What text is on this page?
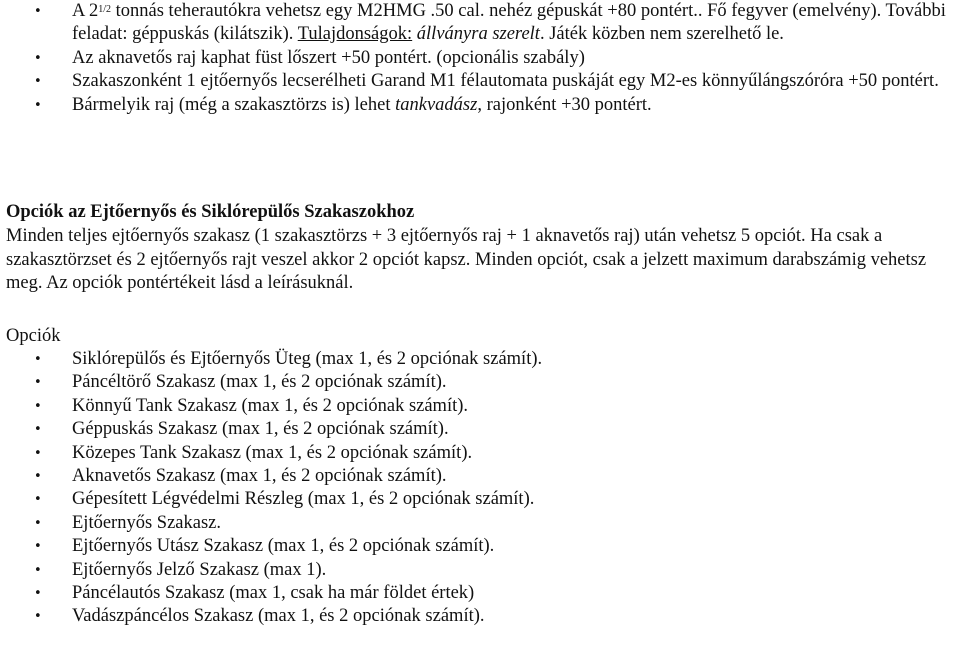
• A $2^{1/2}$ tonnás teherautókra vehetsz egy M2HMG .50 cal. nehéz gépuskát +80 pontért.. Fő fegyver (emelvény). További feladat: géppuskás (kilátszik). Tulajdonságok: állványra szerelt. Játék közben nem szerelhető le.
• Az aknavetős raj kaphat füst lőszert +50 pontért. (opcionális szabály)
• Szakaszonként 1 ejtőernyős lecserélheti Garand M1 félautomata puskáját egy M2-es könnyűlángszóróra +50 pontért.
• Bármelyik raj (még a szakasztörzs is) lehet tankvadász, rajonként +30 pontért.
Opciók az Ejtőernyős és Siklórepülős Szakaszokhoz
Minden teljes ejtőernyős szakasz (1 szakasztörzs + 3 ejtőernyős raj + 1 aknavetős raj) után vehetsz 5 opciót. Ha csak a szakasztörzset és 2 ejtőernyős rajt veszel akkor 2 opciót kapsz. Minden opciót, csak a jelzett maximum darabszámig vehetsz meg. Az opciók pontértékeit lásd a leírásuknál.
Opciók
• Siklórepülős és Ejtőernyős Üteg (max 1, és 2 opciónak számít).
• Páncéltörő Szakasz (max 1, és 2 opciónak számít).
• Könnyű Tank Szakasz (max 1, és 2 opciónak számít).
• Géppuskás Szakasz (max 1, és 2 opciónak számít).
• Közepes Tank Szakasz (max 1, és 2 opciónak számít).
• Aknavetős Szakasz (max 1, és 2 opciónak számít).
• Gépesített Légvédelmi Részleg (max 1, és 2 opciónak számít).
• Ejtőernyős Szakasz.
• Ejtőernyős Utász Szakasz (max 1, és 2 opciónak számít).
• Ejtőernyős Jelző Szakasz (max 1).
• Páncélautós Szakasz (max 1, csak ha már földet értek)
• Vadászpáncélos Szakasz (max 1, és 2 opciónak számít).
